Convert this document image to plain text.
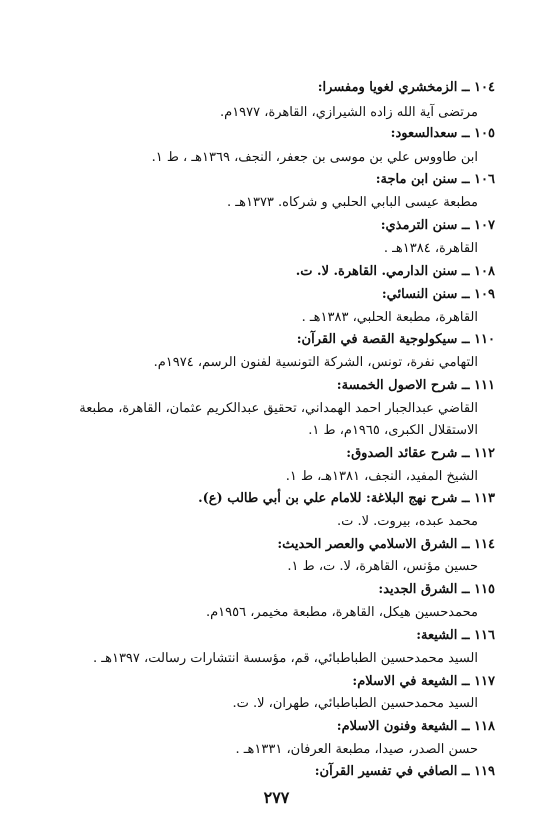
١٠٤ ــ الزمخشري لغويا ومفسرا:
مرتضى آية الله زاده الشيرازي، القاهرة، ١٩٧٧م.
١٠٥ ــ سعدالسعود:
ابن طاووس علي بن موسى بن جعفر، النجف، ١٣٦٩هـ ، ط ١.
١٠٦ ــ سنن ابن ماجة:
مطبعة عيسى البابي الحلبي و شركاه. ١٣٧٣هـ .
١٠٧ ــ سنن الترمذي:
القاهرة، ١٣٨٤هـ .
١٠٨ ــ سنن الدارمي. القاهرة. لا. ت.
١٠٩ ــ سنن النسائي:
القاهرة، مطبعة الحلبي، ١٣٨٣هـ .
١١٠ ــ سيكولوجية القصة في القرآن:
التهامي نفرة، تونس، الشركة التونسية لفنون الرسم، ١٩٧٤م.
١١١ ــ شرح الاصول الخمسة:
القاضي عبدالجبار احمد الهمداني، تحقيق عبدالكريم عثمان، القاهرة، مطبعة
الاستقلال الكبرى، ١٩٦٥م، ط ١.
١١٢ ــ شرح عقائد الصدوق:
الشيخ المفيد، النجف، ١٣٨١هـ، ط ١.
١١٣ ــ شرح نهج البلاغة: للامام علي بن أبي طالب (ع).
محمد عبده، بيروت. لا. ت.
١١٤ ــ الشرق الاسلامي والعصر الحديث:
حسين مؤنس، القاهرة، لا. ت، ط ١.
١١٥ ــ الشرق الجديد:
محمدحسين هيكل، القاهرة، مطبعة مخيمر، ١٩٥٦م.
١١٦ ــ الشيعة:
السيد محمدحسين الطباطبائي، قم، مؤسسة انتشارات رسالت، ١٣٩٧هـ .
١١٧ ــ الشيعة في الاسلام:
السيد محمدحسين الطباطبائي، طهران، لا. ت.
١١٨ ــ الشيعة وفنون الاسلام:
حسن الصدر، صيدا، مطبعة العرفان، ١٣٣١هـ .
١١٩ ــ الصافي في تفسير القرآن:
٢٧٧
